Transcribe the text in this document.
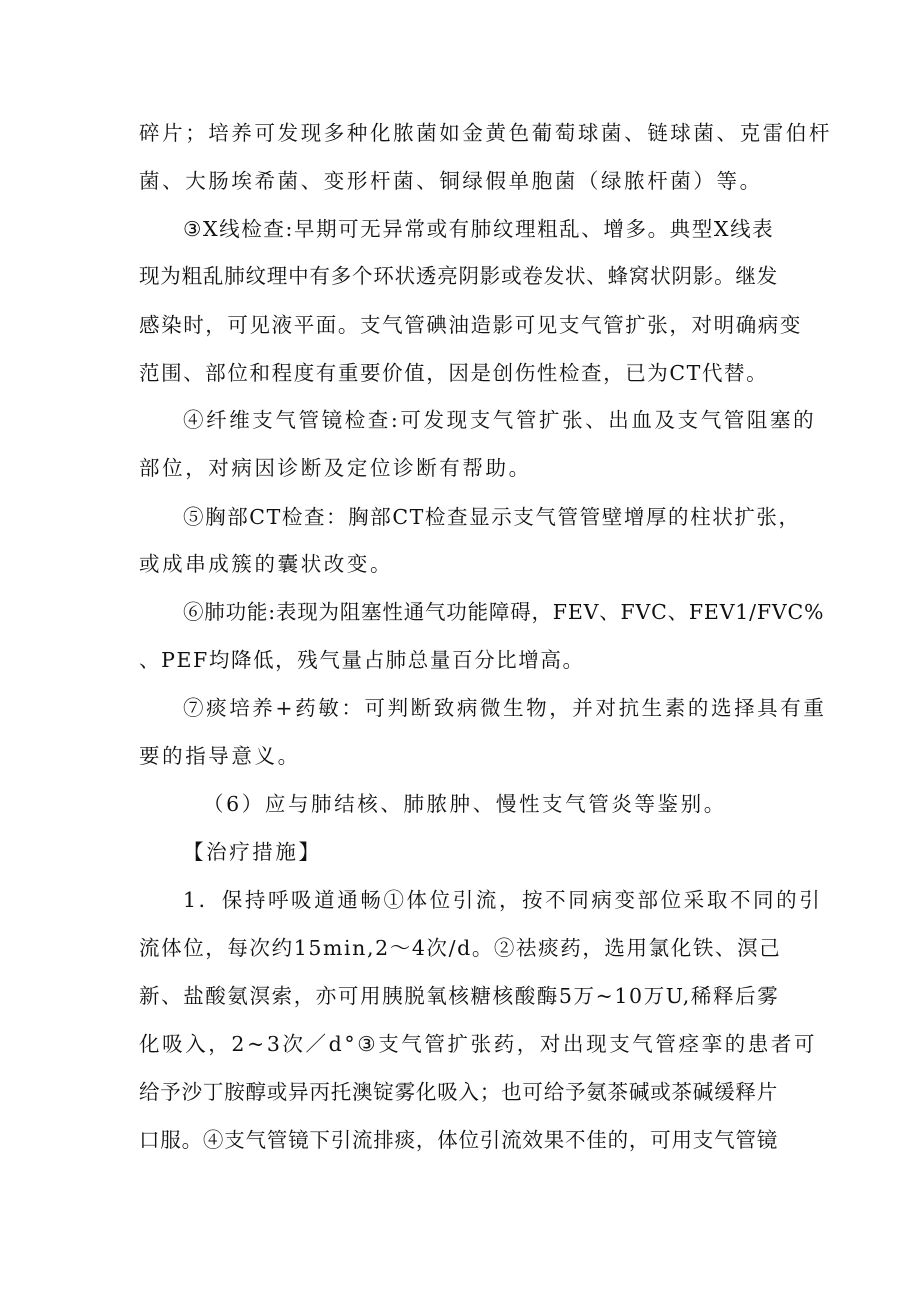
碎片；培养可发现多种化脓菌如金黄色葡萄球菌、链球菌、克雷伯杆
菌、大肠埃希菌、变形杆菌、铜绿假单胞菌（绿脓杆菌）等。
③X线检查:早期可无异常或有肺纹理粗乱、增多。典型X线表
现为粗乱肺纹理中有多个环状透亮阴影或卷发状、蜂窝状阴影。继发
感染时，可见液平面。支气管碘油造影可见支气管扩张，对明确病变
范围、部位和程度有重要价值，因是创伤性检查，已为CT代替。
④纤维支气管镜检查:可发现支气管扩张、出血及支气管阻塞的
部位，对病因诊断及定位诊断有帮助。
⑤胸部CT检查：胸部CT检查显示支气管管壁增厚的柱状扩张，
或成串成簇的囊状改变。
⑥肺功能:表现为阻塞性通气功能障碍，FEV、FVC、FEV1/FVC%
、PEF均降低，残气量占肺总量百分比增高。
⑦痰培养+药敏：可判断致病微生物，并对抗生素的选择具有重
要的指导意义。
（6）应与肺结核、肺脓肿、慢性支气管炎等鉴别。
【治疗措施】
1．保持呼吸道通畅①体位引流，按不同病变部位采取不同的引
流体位，每次约15min,2〜4次/d。②祛痰药，选用氯化铁、溟己
新、盐酸氨溟索，亦可用胰脱氧核糖核酸酶5万~10万U,稀释后雾
化吸入，2~3次／d°③支气管扩张药，对出现支气管痉挛的患者可
给予沙丁胺醇或异丙托澳锭雾化吸入；也可给予氨茶碱或茶碱缓释片
口服。④支气管镜下引流排痰，体位引流效果不佳的，可用支气管镜
